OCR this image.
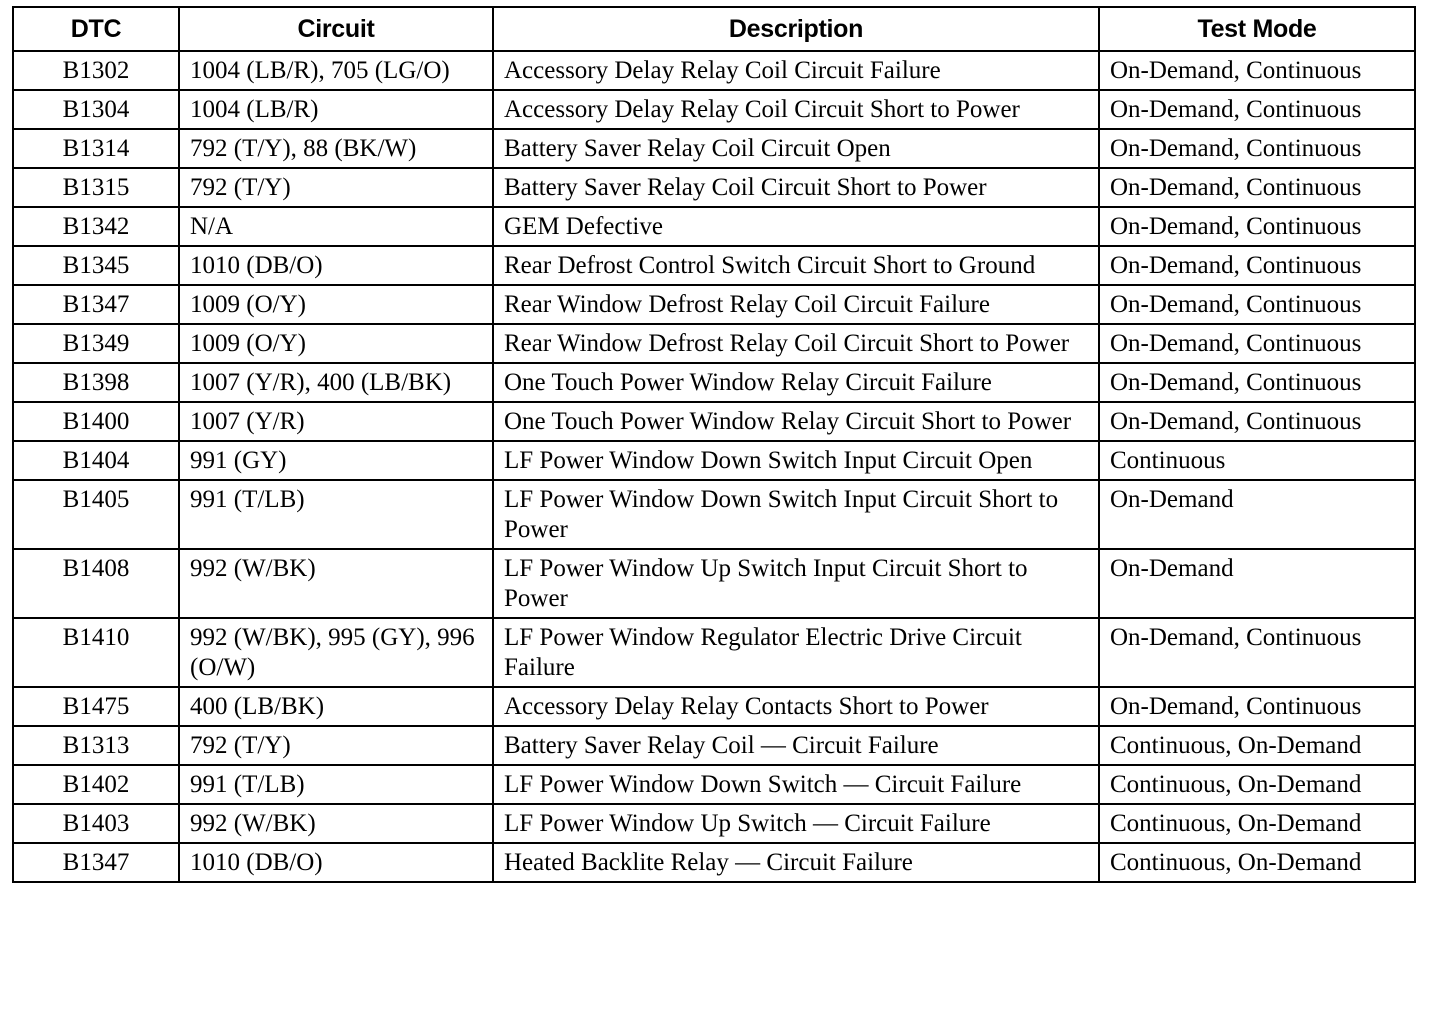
DTC	Circuit	Description	Test Mode
B1302	1004 (LB/R), 705 (LG/O)	Accessory Delay Relay Coil Circuit Failure	On-Demand, Continuous
B1304	1004 (LB/R)	Accessory Delay Relay Coil Circuit Short to Power	On-Demand, Continuous
B1314	792 (T/Y), 88 (BK/W)	Battery Saver Relay Coil Circuit Open	On-Demand, Continuous
B1315	792 (T/Y)	Battery Saver Relay Coil Circuit Short to Power	On-Demand, Continuous
B1342	N/A	GEM Defective	On-Demand, Continuous
B1345	1010 (DB/O)	Rear Defrost Control Switch Circuit Short to Ground	On-Demand, Continuous
B1347	1009 (O/Y)	Rear Window Defrost Relay Coil Circuit Failure	On-Demand, Continuous
B1349	1009 (O/Y)	Rear Window Defrost Relay Coil Circuit Short to Power	On-Demand, Continuous
B1398	1007 (Y/R), 400 (LB/BK)	One Touch Power Window Relay Circuit Failure	On-Demand, Continuous
B1400	1007 (Y/R)	One Touch Power Window Relay Circuit Short to Power	On-Demand, Continuous
B1404	991 (GY)	LF Power Window Down Switch Input Circuit Open	Continuous
B1405	991 (T/LB)	LF Power Window Down Switch Input Circuit Short to Power	On-Demand
B1408	992 (W/BK)	LF Power Window Up Switch Input Circuit Short to Power	On-Demand
B1410	992 (W/BK), 995 (GY), 996 (O/W)	LF Power Window Regulator Electric Drive Circuit Failure	On-Demand, Continuous
B1475	400 (LB/BK)	Accessory Delay Relay Contacts Short to Power	On-Demand, Continuous
B1313	792 (T/Y)	Battery Saver Relay Coil — Circuit Failure	Continuous, On-Demand
B1402	991 (T/LB)	LF Power Window Down Switch — Circuit Failure	Continuous, On-Demand
B1403	992 (W/BK)	LF Power Window Up Switch — Circuit Failure	Continuous, On-Demand
B1347	1010 (DB/O)	Heated Backlite Relay — Circuit Failure	Continuous, On-Demand
